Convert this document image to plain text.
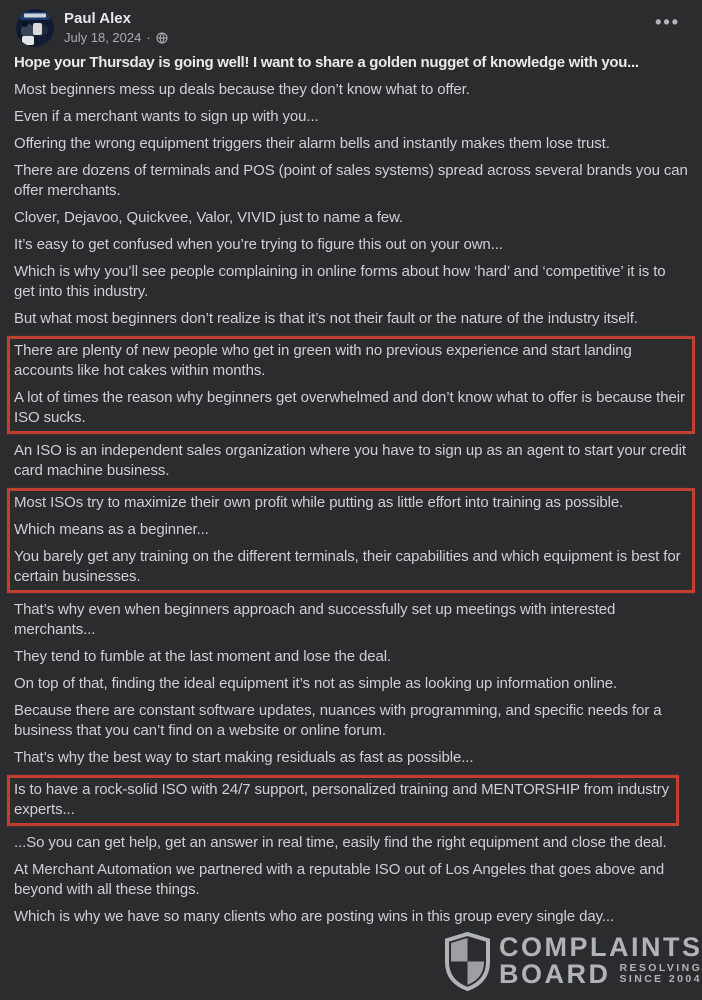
Paul Alex
July 18, 2024 ·
•••

Hope your Thursday is going well! I want to share a golden nugget of knowledge with you...

Most beginners mess up deals because they don’t know what to offer.

Even if a merchant wants to sign up with you...

Offering the wrong equipment triggers their alarm bells and instantly makes them lose trust.

There are dozens of terminals and POS (point of sales systems) spread across several brands you can offer merchants.

Clover, Dejavoo, Quickvee, Valor, VIVID just to name a few.

It’s easy to get confused when you’re trying to figure this out on your own...

Which is why you’ll see people complaining in online forms about how ‘hard’ and ‘competitive’ it is to get into this industry.

But what most beginners don’t realize is that it’s not their fault or the nature of the industry itself.

There are plenty of new people who get in green with no previous experience and start landing accounts like hot cakes within months.

A lot of times the reason why beginners get overwhelmed and don’t know what to offer is because their ISO sucks.

An ISO is an independent sales organization where you have to sign up as an agent to start your credit card machine business.

Most ISOs try to maximize their own profit while putting as little effort into training as possible.

Which means as a beginner...

You barely get any training on the different terminals, their capabilities and which equipment is best for certain businesses.

That’s why even when beginners approach and successfully set up meetings with interested merchants...

They tend to fumble at the last moment and lose the deal.

On top of that, finding the ideal equipment it’s not as simple as looking up information online.

Because there are constant software updates, nuances with programming, and specific needs for a business that you can’t find on a website or online forum.

That’s why the best way to start making residuals as fast as possible...

Is to have a rock-solid ISO with 24/7 support, personalized training and MENTORSHIP from industry experts...

...So you can get help, get an answer in real time, easily find the right equipment and close the deal.

At Merchant Automation we partnered with a reputable ISO out of Los Angeles that goes above and beyond with all these things.

Which is why we have so many clients who are posting wins in this group every single day...

COMPLAINTS
BOARD RESOLVING
SINCE 2004
